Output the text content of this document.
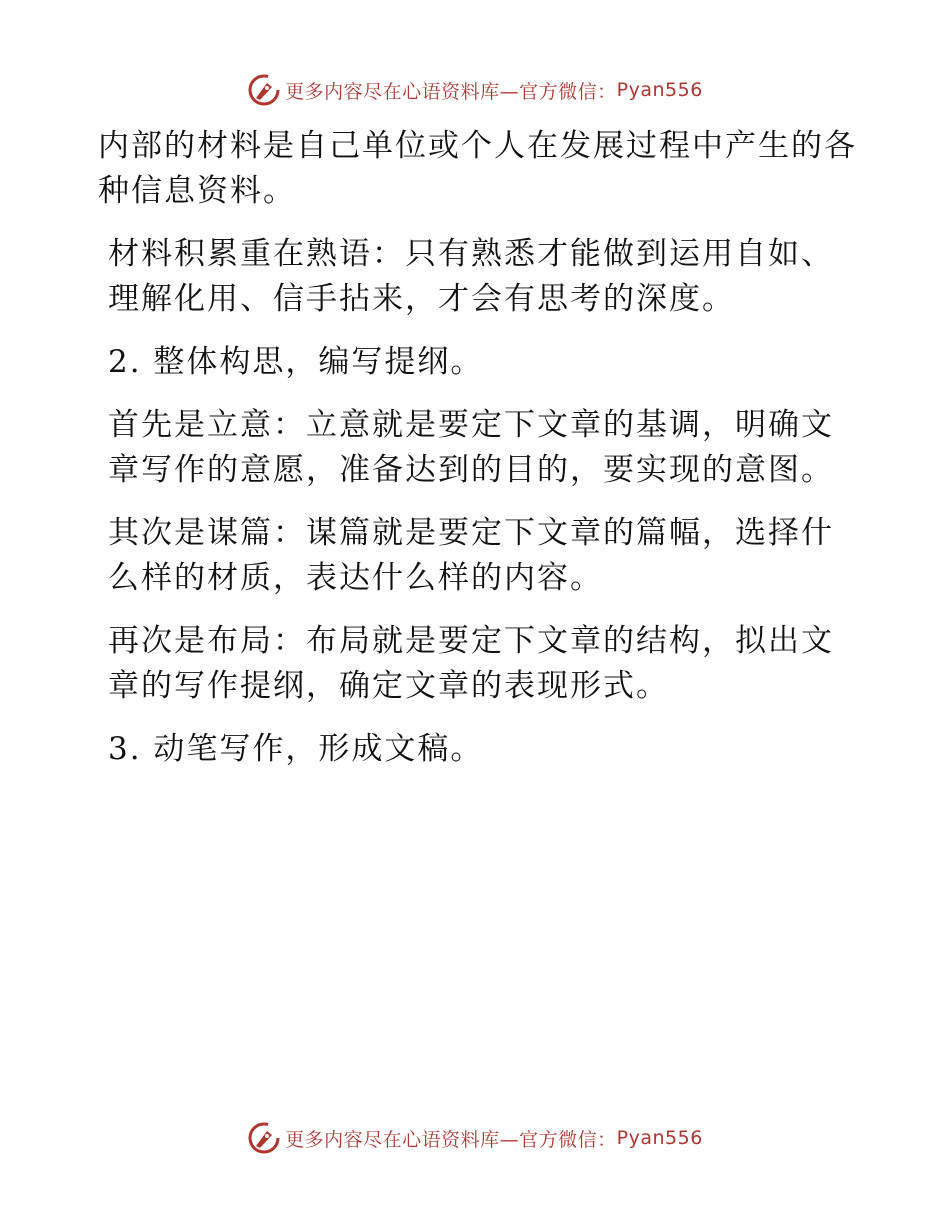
更多内容尽在心语资料库—官方微信： Pyan556

内部的材料是自己单位或个人在发展过程中产生的各种信息资料。

材料积累重在熟语：只有熟悉才能做到运用自如、理解化用、信手拈来，才会有思考的深度。

2. 整体构思，编写提纲。

首先是立意：立意就是要定下文章的基调，明确文章写作的意愿，准备达到的目的，要实现的意图。

其次是谋篇：谋篇就是要定下文章的篇幅，选择什么样的材质，表达什么样的内容。

再次是布局：布局就是要定下文章的结构，拟出文章的写作提纲，确定文章的表现形式。

3. 动笔写作，形成文稿。

更多内容尽在心语资料库—官方微信： Pyan556
